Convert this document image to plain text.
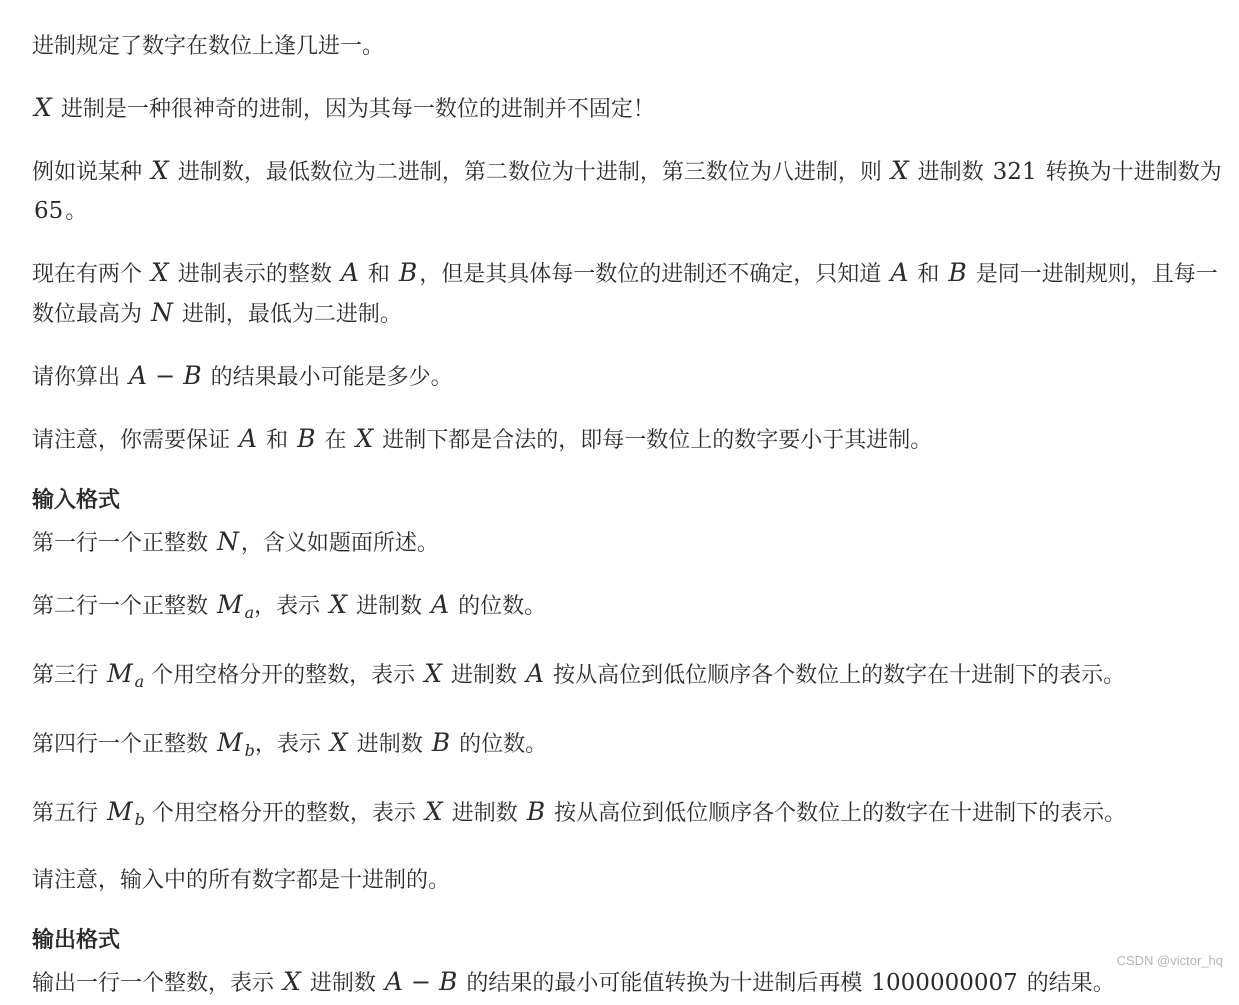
进制规定了数字在数位上逢几进一。
X 进制是一种很神奇的进制，因为其每一数位的进制并不固定！
例如说某种 X 进制数，最低数位为二进制，第二数位为十进制，第三数位为八进制，则 X 进制数 321 转换为十进制数为 65。
现在有两个 X 进制表示的整数 A 和 B，但是其具体每一数位的进制还不确定，只知道 A 和 B 是同一进制规则，且每一数位最高为 N 进制，最低为二进制。
请你算出 A − B 的结果最小可能是多少。
请注意，你需要保证 A 和 B 在 X 进制下都是合法的，即每一数位上的数字要小于其进制。
输入格式
第一行一个正整数 N，含义如题面所述。
第二行一个正整数 M $_a$，表示 X 进制数 A 的位数。
第三行 M $_a$ 个用空格分开的整数，表示 X 进制数 A 按从高位到低位顺序各个数位上的数字在十进制下的表示。
第四行一个正整数 M $_b$，表示 X 进制数 B 的位数。
第五行 M $_b$ 个用空格分开的整数，表示 X 进制数 B 按从高位到低位顺序各个数位上的数字在十进制下的表示。
请注意，输入中的所有数字都是十进制的。
输出格式
输出一行一个整数，表示 X 进制数 A − B 的结果的最小可能值转换为十进制后再模 1000000007 的结果。
CSDN @victor_hq
